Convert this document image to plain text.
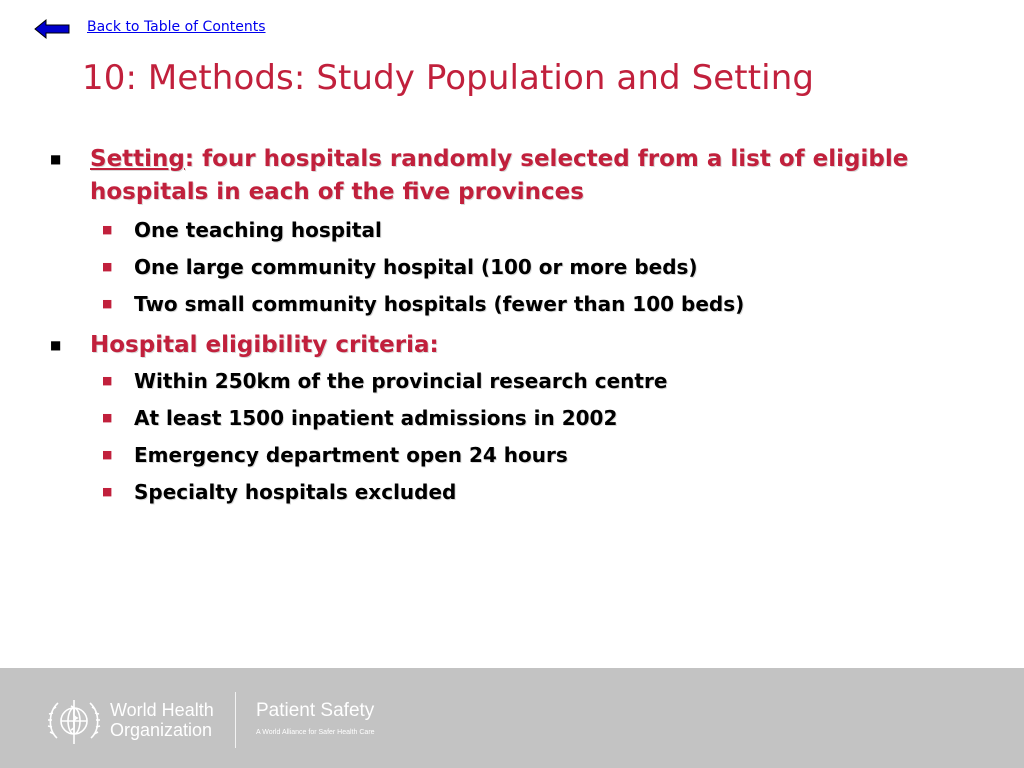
Back to Table of Contents
10: Methods: Study Population and Setting
■ Setting: four hospitals randomly selected from a list of eligible hospitals in each of the five provinces
■ One teaching hospital
■ One large community hospital (100 or more beds)
■ Two small community hospitals (fewer than 100 beds)
■ Hospital eligibility criteria:
■ Within 250km of the provincial research centre
■ At least 1500 inpatient admissions in 2002
■ Emergency department open 24 hours
■ Specialty hospitals excluded
World Health
Organization
Patient Safety
A World Alliance for Safer Health Care
